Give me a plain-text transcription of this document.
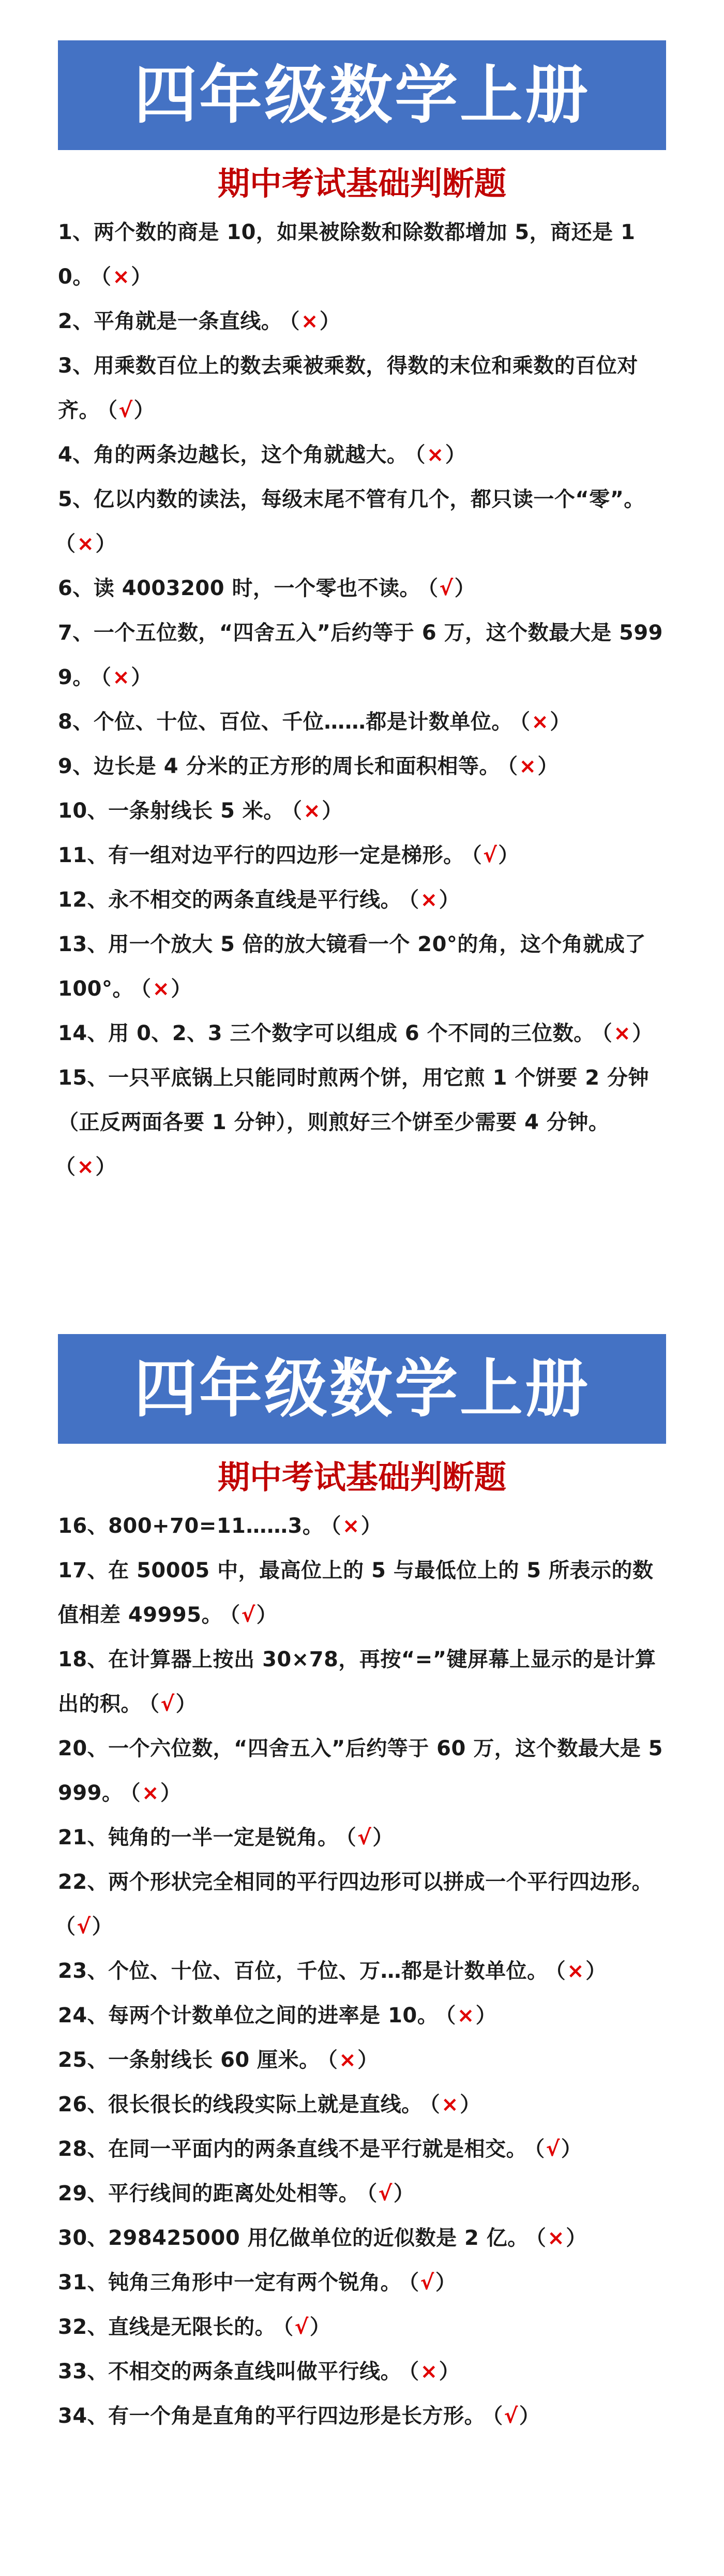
四年级数学上册
期中考试基础判断题
1、两个数的商是 10，如果被除数和除数都增加 5，商还是 10。 （×）
2、平角就是一条直线。 （×）
3、用乘数百位上的数去乘被乘数，得数的末位和乘数的百位对齐。 （√）
4、角的两条边越长，这个角就越大。 （×）
5、亿以内数的读法，每级末尾不管有几个，都只读一个“零”。（×）
6、读 4003200 时，一个零也不读。 （√）
7、一个五位数，“四舍五入”后约等于 6 万，这个数最大是 5999。 （×）
8、个位、十位、百位、千位……都是计数单位。 （×）
9、边长是 4 分米的正方形的周长和面积相等。 （×）
10、一条射线长 5 米。 （×）
11、有一组对边平行的四边形一定是梯形。 （√）
12、永不相交的两条直线是平行线。 （×）
13、用一个放大 5 倍的放大镜看一个 20°的角，这个角就成了 100°。 （×）
14、用 0、2、3 三个数字可以组成 6 个不同的三位数。 （×）
15、一只平底锅上只能同时煎两个饼，用它煎 1 个饼要 2 分钟（正反两面各要 1 分钟），则煎好三个饼至少需要 4 分钟。（×）
四年级数学上册
期中考试基础判断题
16、800+70=11……3。 （×）
17、在 50005 中，最高位上的 5 与最低位上的 5 所表示的数值相差 49995。 （√）
18、在计算器上按出 30×78，再按“=”键屏幕上显示的是计算出的积。 （√）
20、一个六位数，“四舍五入”后约等于 60 万，这个数最大是 5999。 （×）
21、钝角的一半一定是锐角。 （√）
22、两个形状完全相同的平行四边形可以拼成一个平行四边形。（√）
23、个位、十位、百位，千位、万…都是计数单位。 （×）
24、每两个计数单位之间的进率是 10。 （×）
25、一条射线长 60 厘米。 （×）
26、很长很长的线段实际上就是直线。 （×）
28、在同一平面内的两条直线不是平行就是相交。 （√）
29、平行线间的距离处处相等。 （√）
30、298425000 用亿做单位的近似数是 2 亿。 （×）
31、钝角三角形中一定有两个锐角。 （√）
32、直线是无限长的。 （√）
33、不相交的两条直线叫做平行线。 （×）
34、有一个角是直角的平行四边形是长方形。 （√）
